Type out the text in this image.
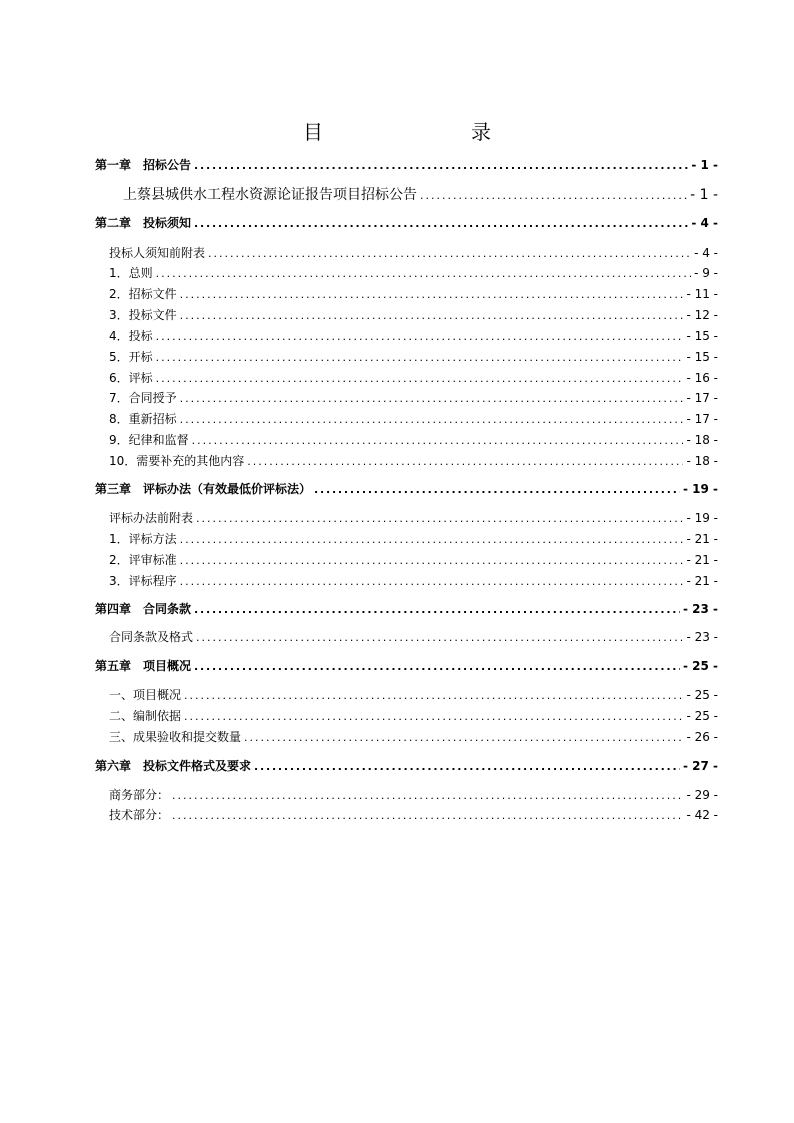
目　　录
第一章　招标公告 .....	- 1 -
上蔡县城供水工程水资源论证报告项目招标公告 .....	- 1 -
第二章　投标须知 .....	- 4 -
投标人须知前附表 .....	- 4 -
1．总则 .....	- 9 -
2．招标文件 .....	- 11 -
3．投标文件 .....	- 12 -
4．投标 .....	- 15 -
5．开标 .....	- 15 -
6．评标 .....	- 16 -
7．合同授予 .....	- 17 -
8．重新招标 .....	- 17 -
9．纪律和监督 .....	- 18 -
10．需要补充的其他内容 .....	- 18 -
第三章　评标办法（有效最低价评标法） .....	- 19 -
评标办法前附表 .....	- 19 -
1．评标方法 .....	- 21 -
2．评审标准 .....	- 21 -
3．评标程序 .....	- 21 -
第四章　合同条款 .....	- 23 -
合同条款及格式 .....	- 23 -
第五章　项目概况 .....	- 25 -
一、项目概况 .....	- 25 -
二、编制依据 .....	- 25 -
三、成果验收和提交数量 .....	- 26 -
第六章　投标文件格式及要求 .....	- 27 -
商务部分： .....	- 29 -
技术部分： .....	- 42 -
